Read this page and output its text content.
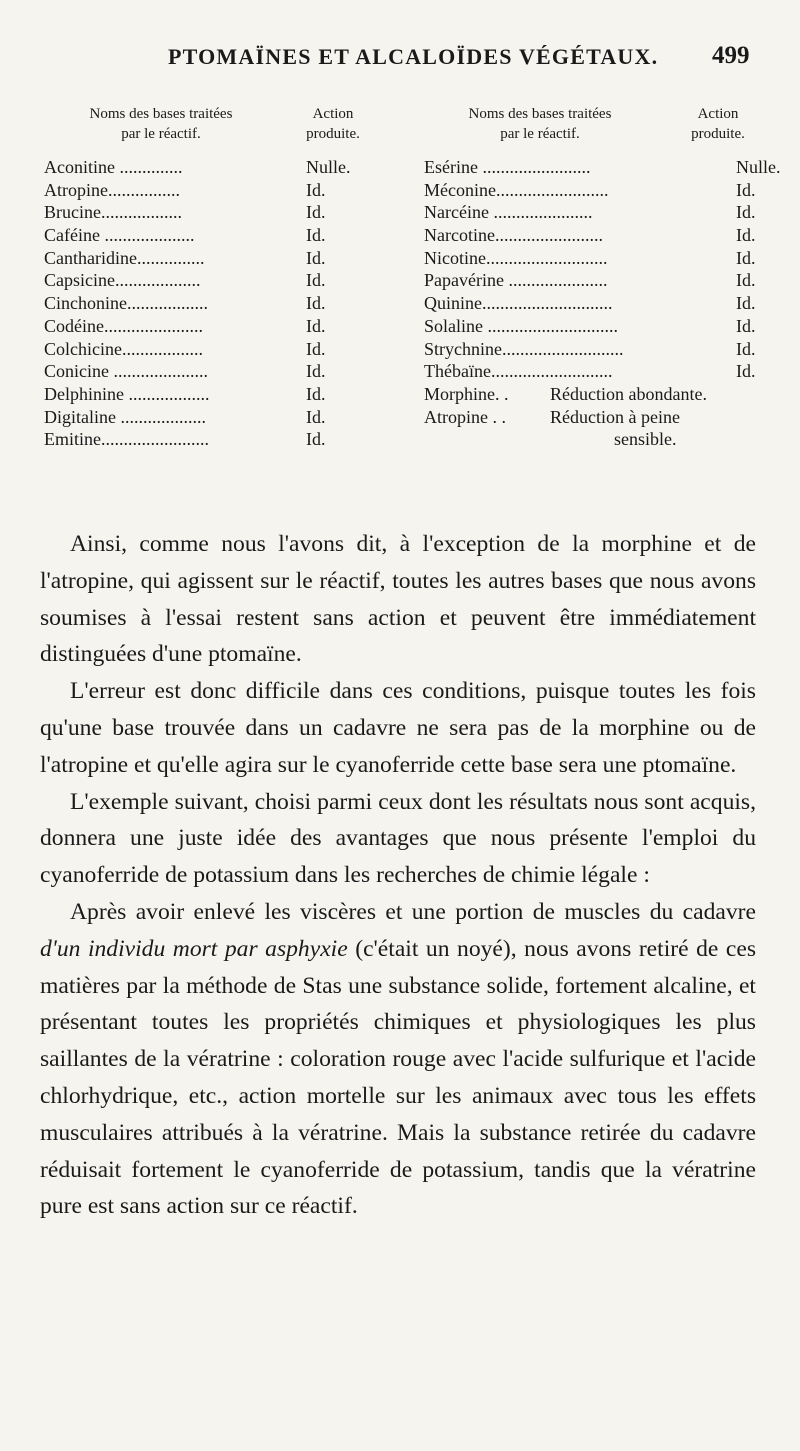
PTOMAÏNES ET ALCALOÏDES VÉGÉTAUX. 499
Noms des bases traitées
par le réactif.
Action
produite.
Noms des bases traitées
par le réactif.
Action
produite.
Aconitine ..............	Nulle.
Atropine................	Id.
Brucine..................	Id.
Caféine ....................	Id.
Cantharidine...............	Id.
Capsicine...................	Id.
Cinchonine..................	Id.
Codéine......................	Id.
Colchicine..................	Id.
Conicine .....................	Id.
Delphinine ..................	Id.
Digitaline ...................	Id.
Emitine........................	Id.
Esérine ........................	Nulle.
Méconine.........................	Id.
Narcéine ......................	Id.
Narcotine........................	Id.
Nicotine...........................	Id.
Papavérine ......................	Id.
Quinine.............................	Id.
Solaline .............................	Id.
Strychnine...........................	Id.
Thébaïne...........................	Id.
Morphine. . Réduction abondante.
Atropine . . Réduction à peine
sensible.

Ainsi, comme nous l'avons dit, à l'exception de la morphine et de l'atropine, qui agissent sur le réactif, toutes les autres bases que nous avons soumises à l'essai restent sans action et peuvent être immédiatement distinguées d'une ptomaïne.

L'erreur est donc difficile dans ces conditions, puisque toutes les fois qu'une base trouvée dans un cadavre ne sera pas de la morphine ou de l'atropine et qu'elle agira sur le cyanoferride cette base sera une ptomaïne.

L'exemple suivant, choisi parmi ceux dont les résultats nous sont acquis, donnera une juste idée des avantages que nous présente l'emploi du cyanoferride de potassium dans les recherches de chimie légale :

Après avoir enlevé les viscères et une portion de muscles du cadavre d'un individu mort par asphyxie (c'était un noyé), nous avons retiré de ces matières par la méthode de Stas une substance solide, fortement alcaline, et présentant toutes les propriétés chimiques et physiologiques les plus saillantes de la vératrine : coloration rouge avec l'acide sulfurique et l'acide chlorhydrique, etc., action mortelle sur les animaux avec tous les effets musculaires attribués à la vératrine. Mais la substance retirée du cadavre réduisait fortement le cyanoferride de potassium, tandis que la vératrine pure est sans action sur ce réactif.
